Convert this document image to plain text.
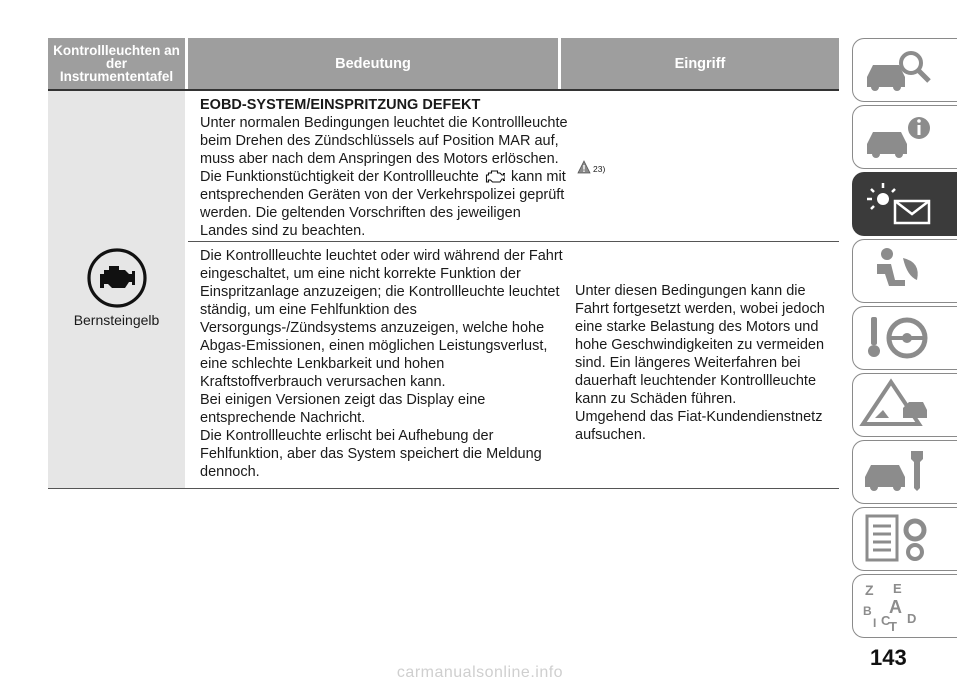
Kontrollleuchten an der Instrumententafel
Bedeutung	Eingriff
Bernsteingelb
EOBD-SYSTEM/EINSPRITZUNG DEFEKT
Unter normalen Bedingungen leuchtet die Kontrollleuchte beim Drehen des Zündschlüssels auf Position MAR auf, muss aber nach dem Anspringen des Motors erlöschen. Die Funktionstüchtigkeit der Kontrollleuchte kann mit entsprechenden Geräten von der Verkehrspolizei geprüft werden. Die geltenden Vorschriften des jeweiligen Landes sind zu beachten.
23)
Die Kontrollleuchte leuchtet oder wird während der Fahrt eingeschaltet, um eine nicht korrekte Funktion der Einspritzanlage anzuzeigen; die Kontrollleuchte leuchtet ständig, um eine Fehlfunktion des Versorgungs-/Zündsystems anzuzeigen, welche hohe Abgas-Emissionen, einen möglichen Leistungsverlust, eine schlechte Lenkbarkeit und hohen Kraftstoffverbrauch verursachen kann.
Bei einigen Versionen zeigt das Display eine entsprechende Nachricht.
Die Kontrollleuchte erlischt bei Aufhebung der Fehlfunktion, aber das System speichert die Meldung dennoch.
Unter diesen Bedingungen kann die Fahrt fortgesetzt werden, wobei jedoch eine starke Belastung des Motors und hohe Geschwindigkeiten zu vermeiden sind. Ein längeres Weiterfahren bei dauerhaft leuchtender Kontrollleuchte kann zu Schäden führen.
Umgehend das Fiat-Kundendienstnetz aufsuchen.
Z E
B A
I C
T
D
143
carmanualsonline.info
